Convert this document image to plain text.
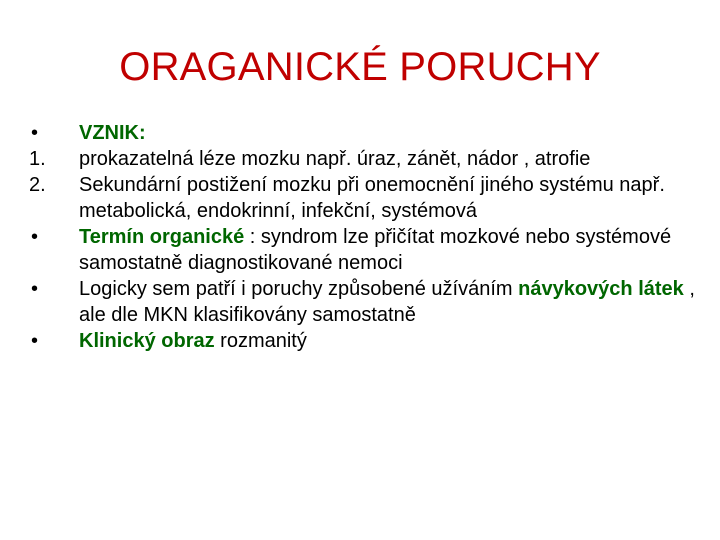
ORAGANICKÉ PORUCHY
•	VZNIK:
1.	prokazatelná léze mozku např. úraz, zánět, nádor , atrofie
2.	Sekundární postižení mozku při onemocnění jiného systému např. metabolická, endokrinní, infekční, systémová
•	Termín organické : syndrom lze přičítat mozkové nebo systémové samostatně diagnostikované nemoci
•	Logicky sem patří i poruchy způsobené užíváním návykových látek , ale dle MKN klasifikovány samostatně
•	Klinický obraz rozmanitý
